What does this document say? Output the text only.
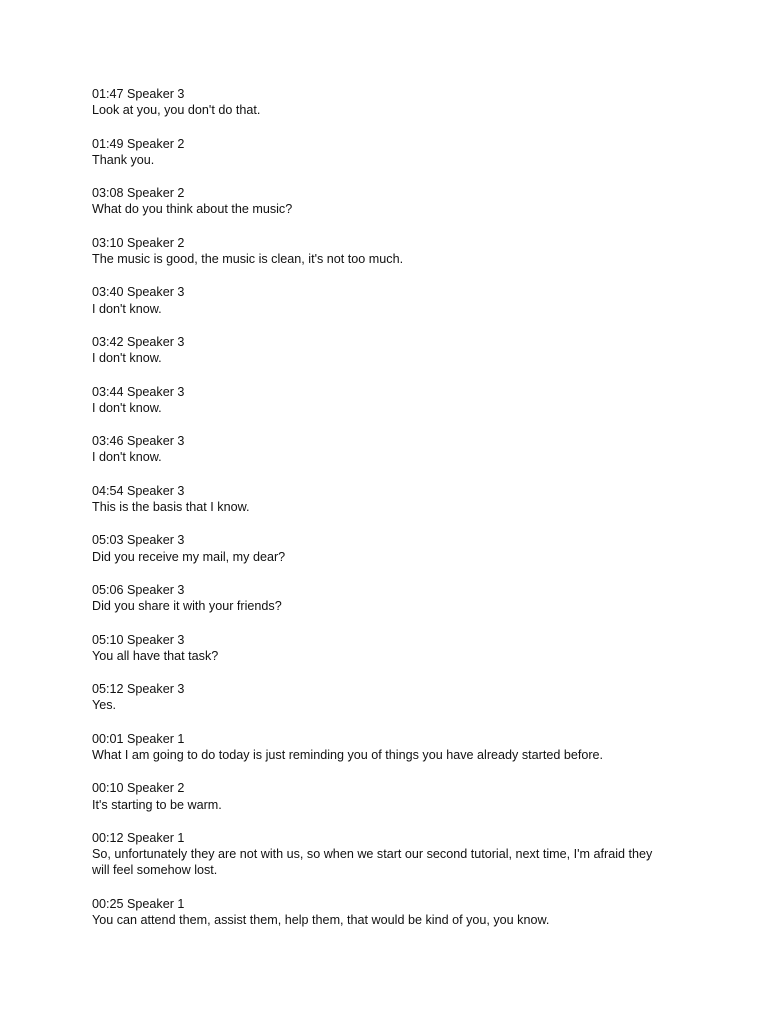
01:47 Speaker 3
Look at you, you don't do that.
01:49 Speaker 2
Thank you.
03:08 Speaker 2
What do you think about the music?
03:10 Speaker 2
The music is good, the music is clean, it's not too much.
03:40 Speaker 3
I don't know.
03:42 Speaker 3
I don't know.
03:44 Speaker 3
I don't know.
03:46 Speaker 3
I don't know.
04:54 Speaker 3
This is the basis that I know.
05:03 Speaker 3
Did you receive my mail, my dear?
05:06 Speaker 3
Did you share it with your friends?
05:10 Speaker 3
You all have that task?
05:12 Speaker 3
Yes.
00:01 Speaker 1
What I am going to do today is just reminding you of things you have already started before.
00:10 Speaker 2
It's starting to be warm.
00:12 Speaker 1
So, unfortunately they are not with us, so when we start our second tutorial, next time, I'm afraid they will feel somehow lost.
00:25 Speaker 1
You can attend them, assist them, help them, that would be kind of you, you know.
